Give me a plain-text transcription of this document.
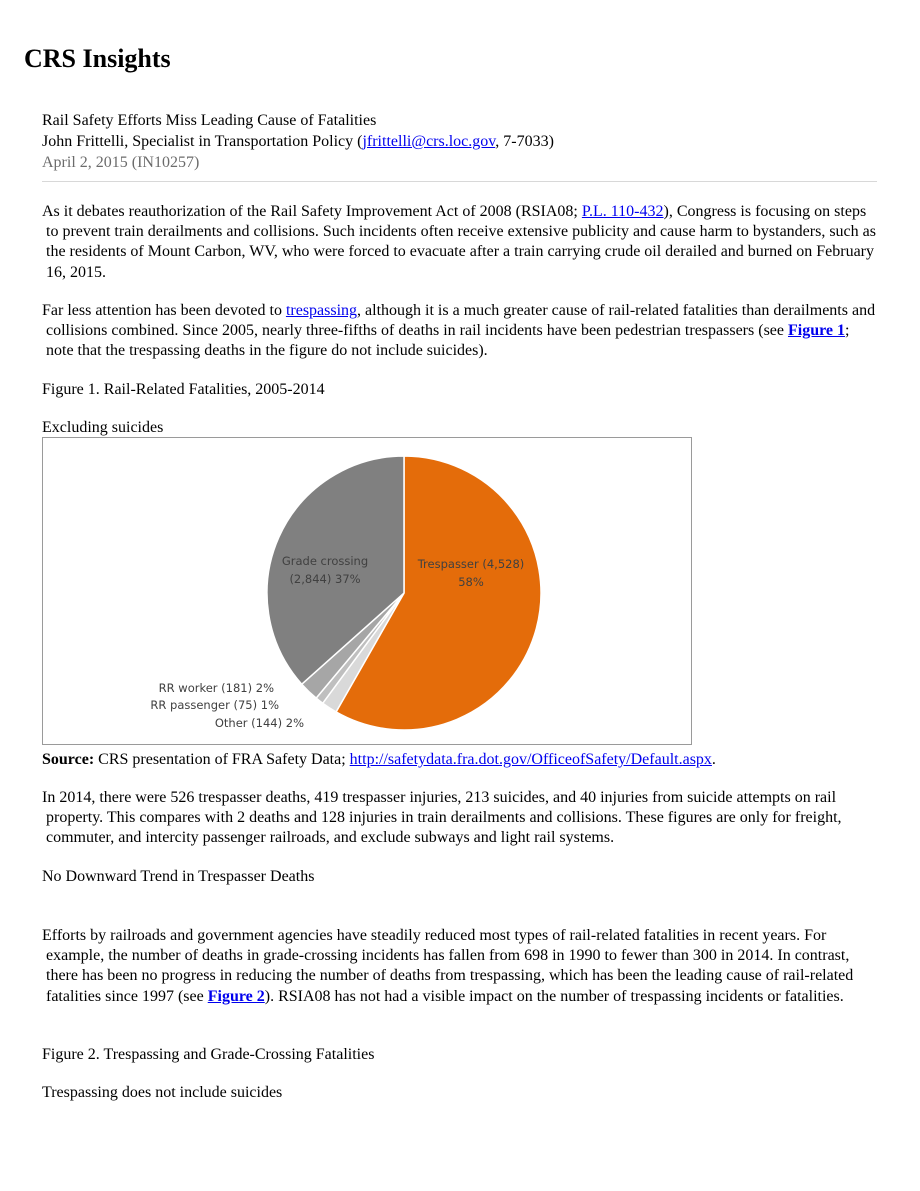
CRS Insights
Rail Safety Efforts Miss Leading Cause of Fatalities
John Frittelli, Specialist in Transportation Policy (jfrittelli@crs.loc.gov, 7-7033)
April 2, 2015 (IN10257)
As it debates reauthorization of the Rail Safety Improvement Act of 2008 (RSIA08; P.L. 110-432), Congress is focusing on steps to prevent train derailments and collisions. Such incidents often receive extensive publicity and cause harm to bystanders, such as the residents of Mount Carbon, WV, who were forced to evacuate after a train carrying crude oil derailed and burned on February 16, 2015.
Far less attention has been devoted to trespassing, although it is a much greater cause of rail-related fatalities than derailments and collisions combined. Since 2005, nearly three-fifths of deaths in rail incidents have been pedestrian trespassers (see Figure 1; note that the trespassing deaths in the figure do not include suicides).
Figure 1. Rail-Related Fatalities, 2005-2014
Excluding suicides
Trespasser (4,528)
58%
Grade crossing
(2,844) 37%
RR worker (181) 2%
RR passenger (75) 1%
Other (144) 2%
Source: CRS presentation of FRA Safety Data; http://safetydata.fra.dot.gov/OfficeofSafety/Default.aspx.
In 2014, there were 526 trespasser deaths, 419 trespasser injuries, 213 suicides, and 40 injuries from suicide attempts on rail property. This compares with 2 deaths and 128 injuries in train derailments and collisions. These figures are only for freight, commuter, and intercity passenger railroads, and exclude subways and light rail systems.
No Downward Trend in Trespasser Deaths
Efforts by railroads and government agencies have steadily reduced most types of rail-related fatalities in recent years. For example, the number of deaths in grade-crossing incidents has fallen from 698 in 1990 to fewer than 300 in 2014. In contrast, there has been no progress in reducing the number of deaths from trespassing, which has been the leading cause of rail-related fatalities since 1997 (see Figure 2). RSIA08 has not had a visible impact on the number of trespassing incidents or fatalities.
Figure 2. Trespassing and Grade-Crossing Fatalities
Trespassing does not include suicides
